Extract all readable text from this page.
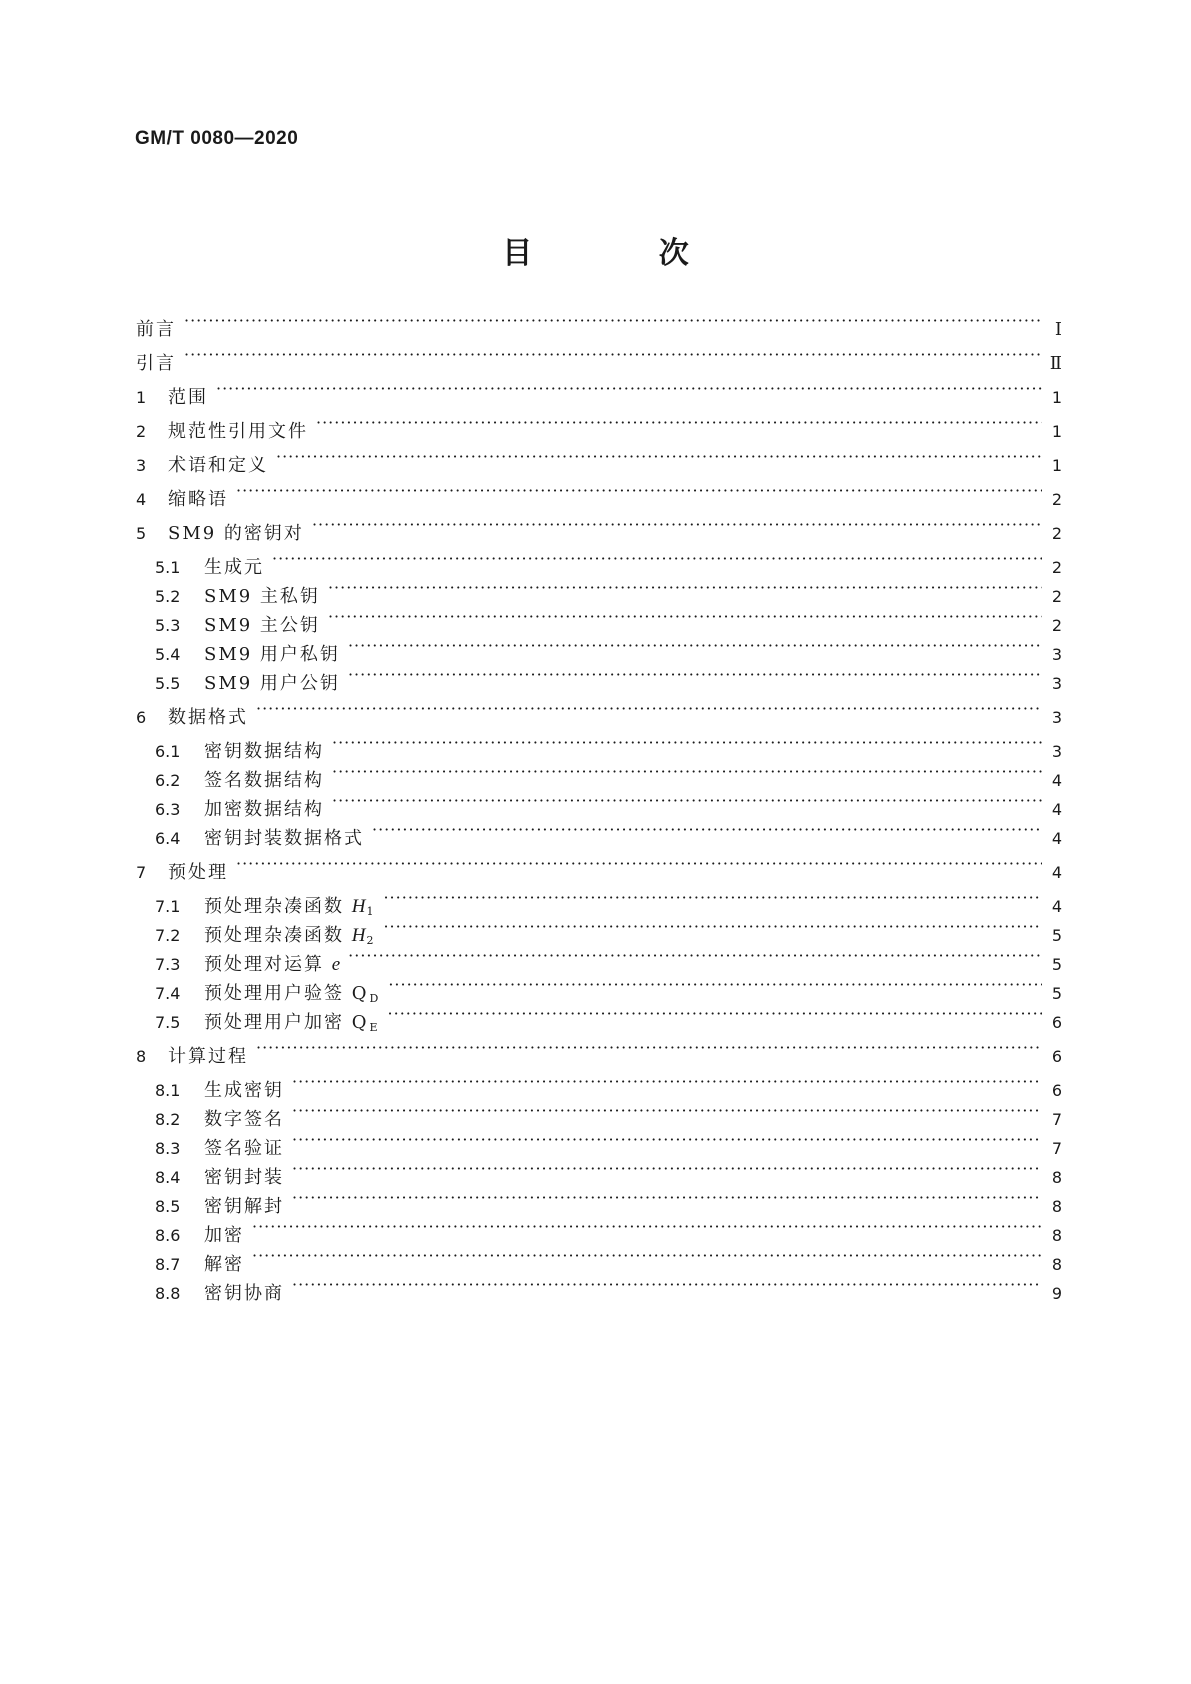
GM/T 0080—2020
目 次
前言 ·····	Ⅰ
引言 ·····	Ⅱ
1	范围 ·····	1
2	规范性引用文件 ·····	1
3	术语和定义 ·····	1
4	缩略语 ·····	2
5	SM9 的密钥对 ·····	2
5.1	生成元 ·····	2
5.2	SM9 主私钥 ·····	2
5.3	SM9 主公钥 ·····	2
5.4	SM9 用户私钥 ·····	3
5.5	SM9 用户公钥 ·····	3
6	数据格式 ·····	3
6.1	密钥数据结构 ·····	3
6.2	签名数据结构 ·····	4
6.3	加密数据结构 ·····	4
6.4	密钥封装数据格式 ·····	4
7	预处理 ·····	4
7.1	预处理杂凑函数 H1 ·····	4
7.2	预处理杂凑函数 H2 ·····	5
7.3	预处理对运算 e ·····	5
7.4	预处理用户验签 QD ·····	5
7.5	预处理用户加密 QE ·····	6
8	计算过程 ·····	6
8.1	生成密钥 ·····	6
8.2	数字签名 ·····	7
8.3	签名验证 ·····	7
8.4	密钥封装 ·····	8
8.5	密钥解封 ·····	8
8.6	加密 ·····	8
8.7	解密 ·····	8
8.8	密钥协商 ·····	9
